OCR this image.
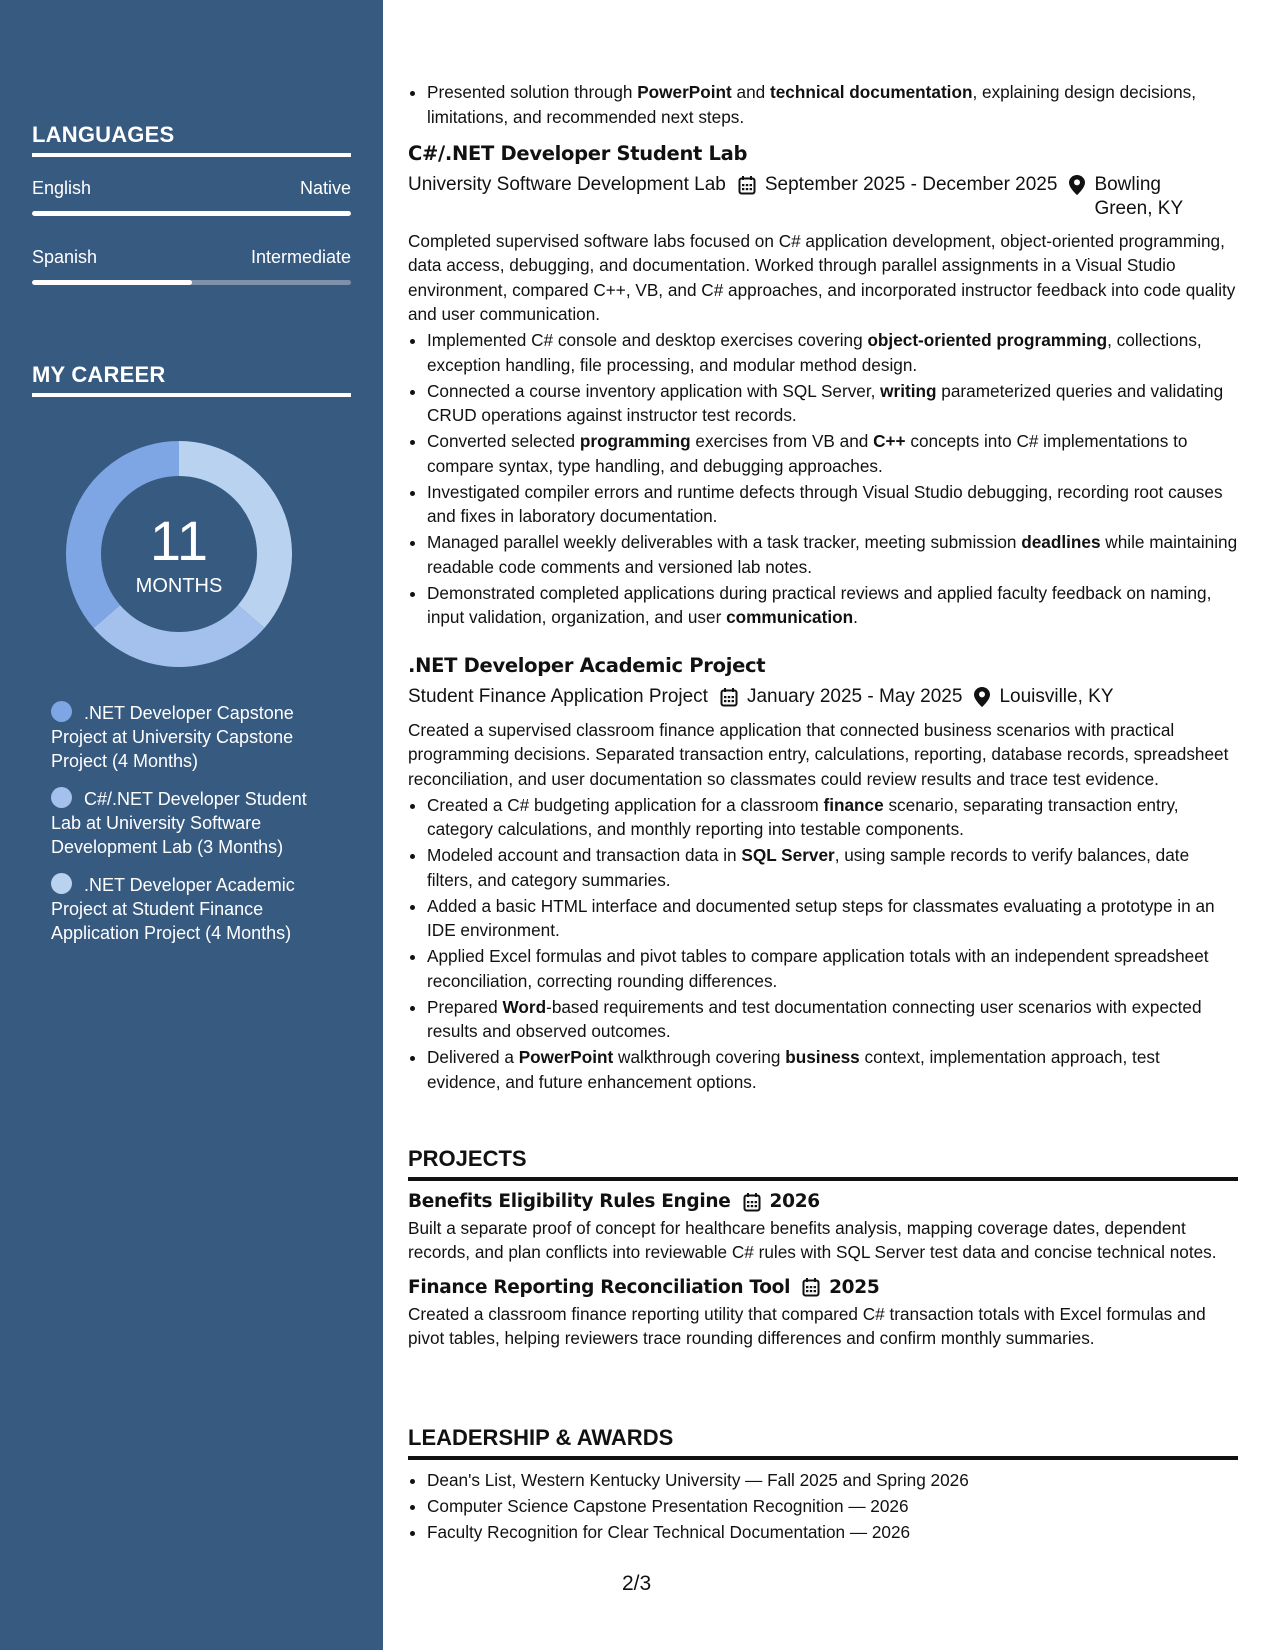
LANGUAGES
English	Native
Spanish	Intermediate
MY CAREER
11
MONTHS
.NET Developer Capstone Project at University Capstone Project (4 Months)
C#/.NET Developer Student Lab at University Software Development Lab (3 Months)
.NET Developer Academic Project at Student Finance Application Project (4 Months)
• Presented solution through PowerPoint and technical documentation, explaining design decisions, limitations, and recommended next steps.
C#/.NET Developer Student Lab
University Software Development Lab September 2025 - December 2025 Bowling Green, KY
Completed supervised software labs focused on C# application development, object-oriented programming, data access, debugging, and documentation. Worked through parallel assignments in a Visual Studio environment, compared C++, VB, and C# approaches, and incorporated instructor feedback into code quality and user communication.
• Implemented C# console and desktop exercises covering object-oriented programming, collections, exception handling, file processing, and modular method design.
• Connected a course inventory application with SQL Server, writing parameterized queries and validating CRUD operations against instructor test records.
• Converted selected programming exercises from VB and C++ concepts into C# implementations to compare syntax, type handling, and debugging approaches.
• Investigated compiler errors and runtime defects through Visual Studio debugging, recording root causes and fixes in laboratory documentation.
• Managed parallel weekly deliverables with a task tracker, meeting submission deadlines while maintaining readable code comments and versioned lab notes.
• Demonstrated completed applications during practical reviews and applied faculty feedback on naming, input validation, organization, and user communication.
.NET Developer Academic Project
Student Finance Application Project January 2025 - May 2025 Louisville, KY
Created a supervised classroom finance application that connected business scenarios with practical programming decisions. Separated transaction entry, calculations, reporting, database records, spreadsheet reconciliation, and user documentation so classmates could review results and trace test evidence.
• Created a C# budgeting application for a classroom finance scenario, separating transaction entry, category calculations, and monthly reporting into testable components.
• Modeled account and transaction data in SQL Server, using sample records to verify balances, date filters, and category summaries.
• Added a basic HTML interface and documented setup steps for classmates evaluating a prototype in an IDE environment.
• Applied Excel formulas and pivot tables to compare application totals with an independent spreadsheet reconciliation, correcting rounding differences.
• Prepared Word-based requirements and test documentation connecting user scenarios with expected results and observed outcomes.
• Delivered a PowerPoint walkthrough covering business context, implementation approach, test evidence, and future enhancement options.
PROJECTS
Benefits Eligibility Rules Engine 2026
Built a separate proof of concept for healthcare benefits analysis, mapping coverage dates, dependent records, and plan conflicts into reviewable C# rules with SQL Server test data and concise technical notes.
Finance Reporting Reconciliation Tool 2025
Created a classroom finance reporting utility that compared C# transaction totals with Excel formulas and pivot tables, helping reviewers trace rounding differences and confirm monthly summaries.
LEADERSHIP & AWARDS
• Dean's List, Western Kentucky University — Fall 2025 and Spring 2026
• Computer Science Capstone Presentation Recognition — 2026
• Faculty Recognition for Clear Technical Documentation — 2026
2/3
